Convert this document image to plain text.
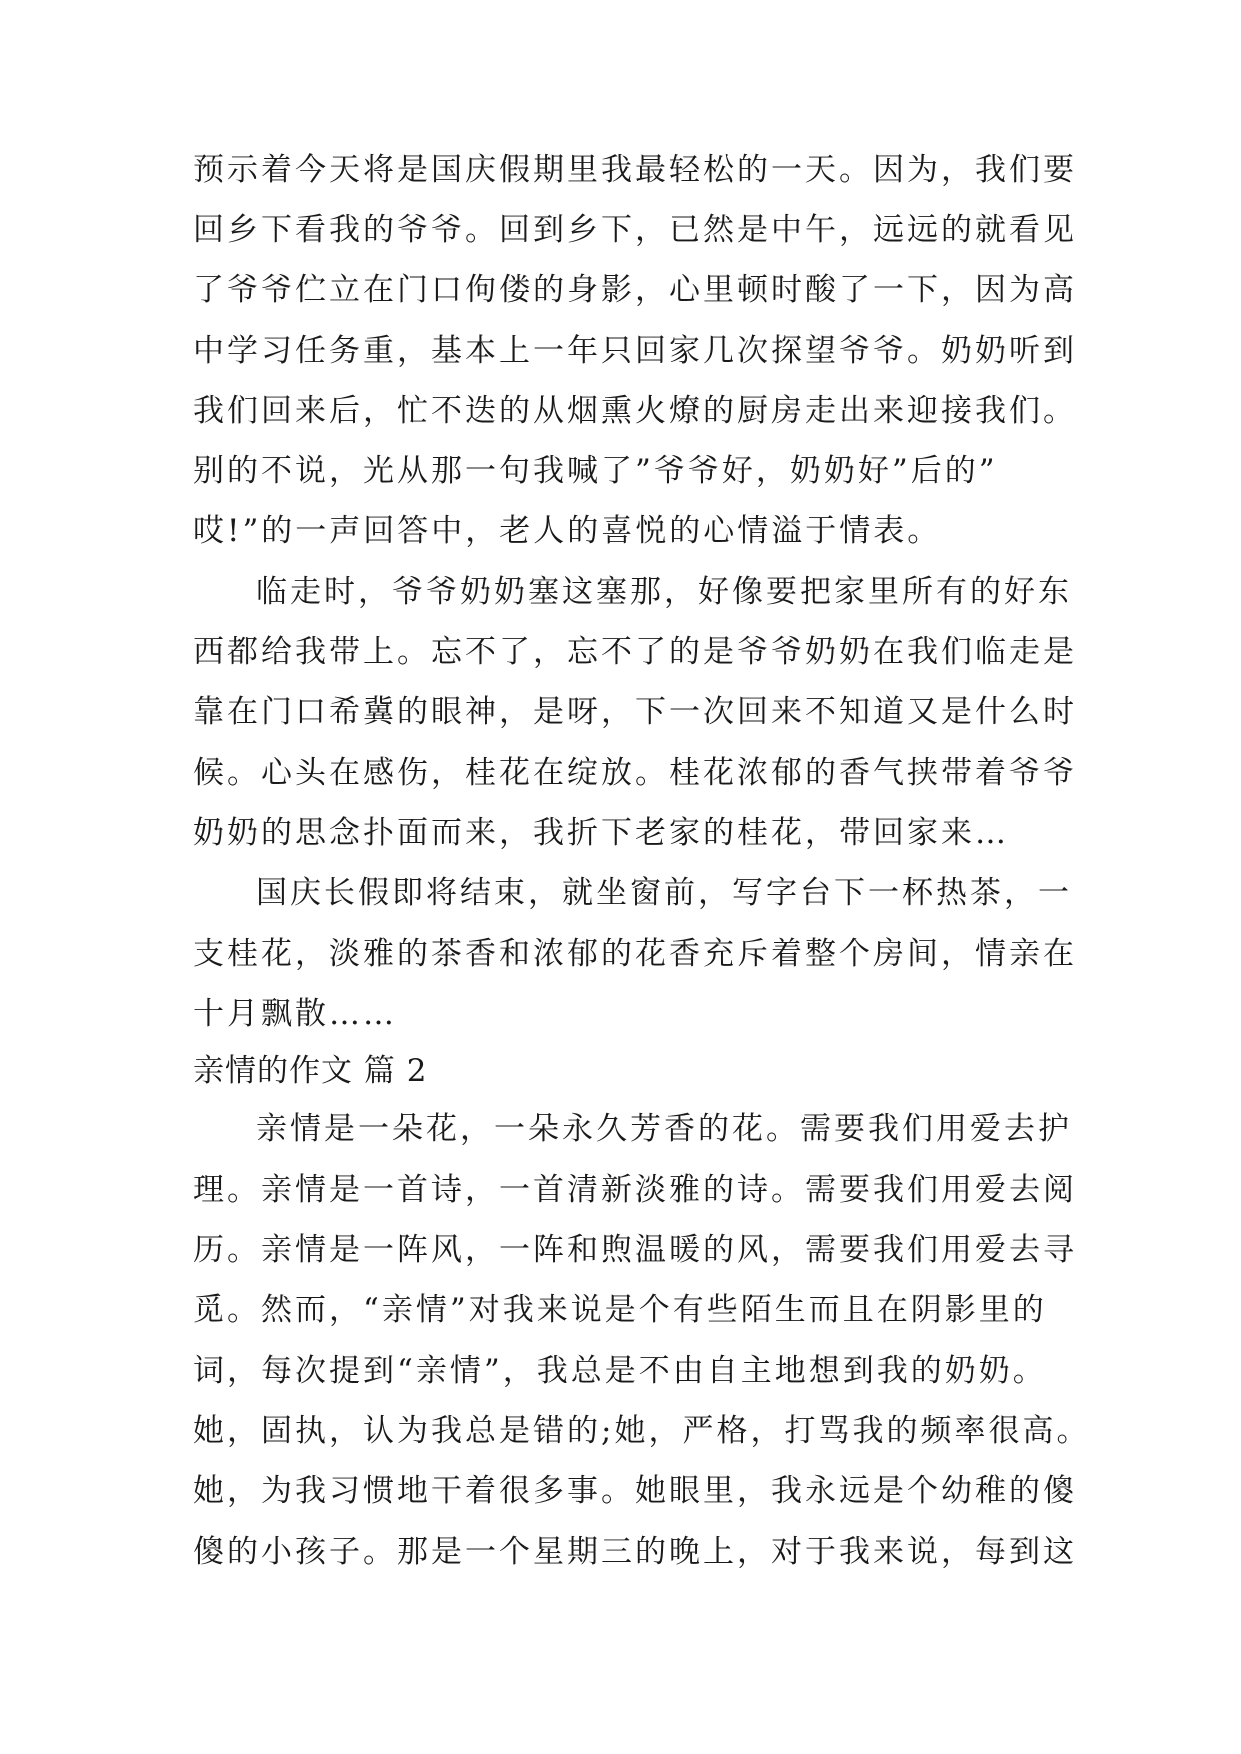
预示着今天将是国庆假期里我最轻松的一天。因为，我们要
回乡下看我的爷爷。回到乡下，已然是中午，远远的就看见
了爷爷伫立在门口佝偻的身影，心里顿时酸了一下，因为高
中学习任务重，基本上一年只回家几次探望爷爷。奶奶听到
我们回来后，忙不迭的从烟熏火燎的厨房走出来迎接我们。
别的不说，光从那一句我喊了”爷爷好，奶奶好”后的”
哎!”的一声回答中，老人的喜悦的心情溢于情表。
临走时，爷爷奶奶塞这塞那，好像要把家里所有的好东
西都给我带上。忘不了，忘不了的是爷爷奶奶在我们临走是
靠在门口希冀的眼神，是呀，下一次回来不知道又是什么时
候。心头在感伤，桂花在绽放。桂花浓郁的香气挟带着爷爷
奶奶的思念扑面而来，我折下老家的桂花，带回家来…
国庆长假即将结束，就坐窗前，写字台下一杯热茶，一
支桂花，淡雅的茶香和浓郁的花香充斥着整个房间，情亲在
十月飘散……
亲情的作文 篇 2
亲情是一朵花，一朵永久芳香的花。需要我们用爱去护
理。亲情是一首诗，一首清新淡雅的诗。需要我们用爱去阅
历。亲情是一阵风，一阵和煦温暖的风，需要我们用爱去寻
觅。然而，“亲情”对我来说是个有些陌生而且在阴影里的
词，每次提到“亲情”，我总是不由自主地想到我的奶奶。
她，固执，认为我总是错的;她，严格，打骂我的频率很高。
她，为我习惯地干着很多事。她眼里，我永远是个幼稚的傻
傻的小孩子。那是一个星期三的晚上，对于我来说，每到这
